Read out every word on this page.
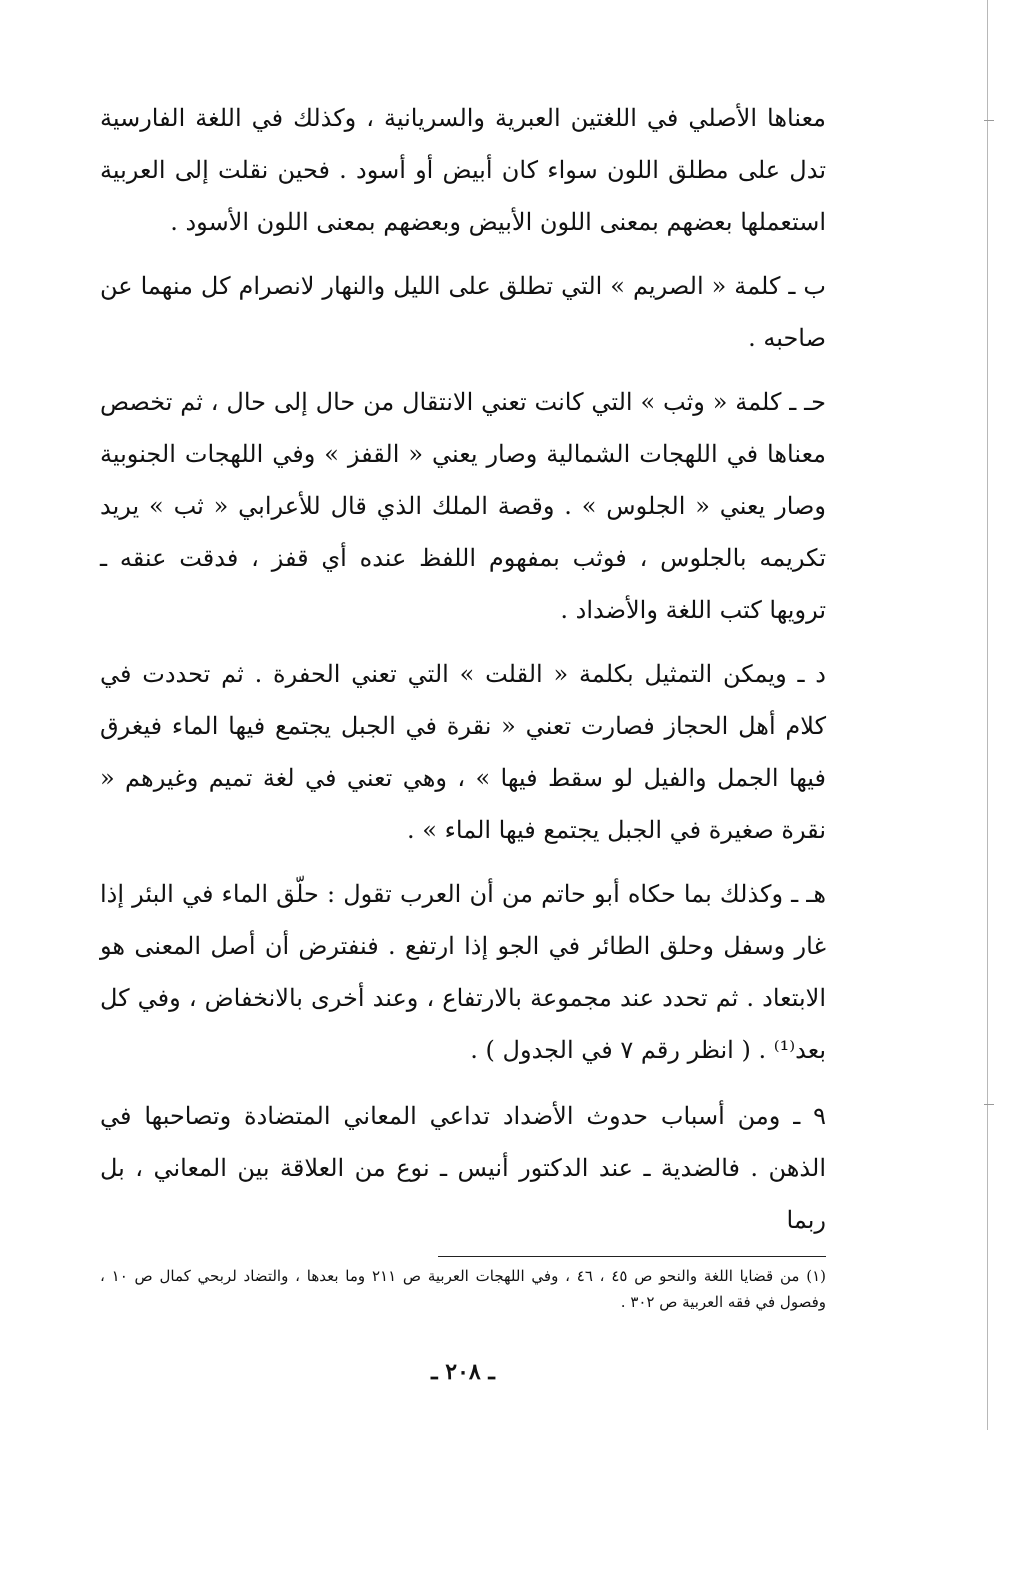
معناها الأصلي في اللغتين العبرية والسريانية ، وكذلك في اللغة الفارسية تدل على مطلق اللون سواء كان أبيض أو أسود . فحين نقلت إلى العربية استعملها بعضهم بمعنى اللون الأبيض وبعضهم بمعنى اللون الأسود .

ب ـ كلمة « الصريم » التي تطلق على الليل والنهار لانصرام كل منهما عن صاحبه .

حـ ـ كلمة « وثب » التي كانت تعني الانتقال من حال إلى حال ، ثم تخصص معناها في اللهجات الشمالية وصار يعني « القفز » وفي اللهجات الجنوبية وصار يعني « الجلوس » . وقصة الملك الذي قال للأعرابي « ثب » يريد تكريمه بالجلوس ، فوثب بمفهوم اللفظ عنده أي قفز ، فدقت عنقه ـ ترويها كتب اللغة والأضداد .

د ـ ويمكن التمثيل بكلمة « القلت » التي تعني الحفرة . ثم تحددت في كلام أهل الحجاز فصارت تعني « نقرة في الجبل يجتمع فيها الماء فيغرق فيها الجمل والفيل لو سقط فيها » ، وهي تعني في لغة تميم وغيرهم « نقرة صغيرة في الجبل يجتمع فيها الماء » .

هـ ـ وكذلك بما حكاه أبو حاتم من أن العرب تقول : حلّق الماء في البئر إذا غار وسفل وحلق الطائر في الجو إذا ارتفع . فنفترض أن أصل المعنى هو الابتعاد . ثم تحدد عند مجموعة بالارتفاع ، وعند أخرى بالانخفاض ، وفي كل بعد⁽¹⁾ . ( انظر رقم ٧ في الجدول ) .

٩ ـ ومن أسباب حدوث الأضداد تداعي المعاني المتضادة وتصاحبها في الذهن . فالضدية ـ عند الدكتور أنيس ـ نوع من العلاقة بين المعاني ، بل ربما

(١) من قضايا اللغة والنحو ص ٤٥ ، ٤٦ ، وفي اللهجات العربية ص ٢١١ وما بعدها ، والتضاد لربحي كمال ص ١٠ ، وفصول في فقه العربية ص ٣٠٢ .

ـ ٢٠٨ ـ
